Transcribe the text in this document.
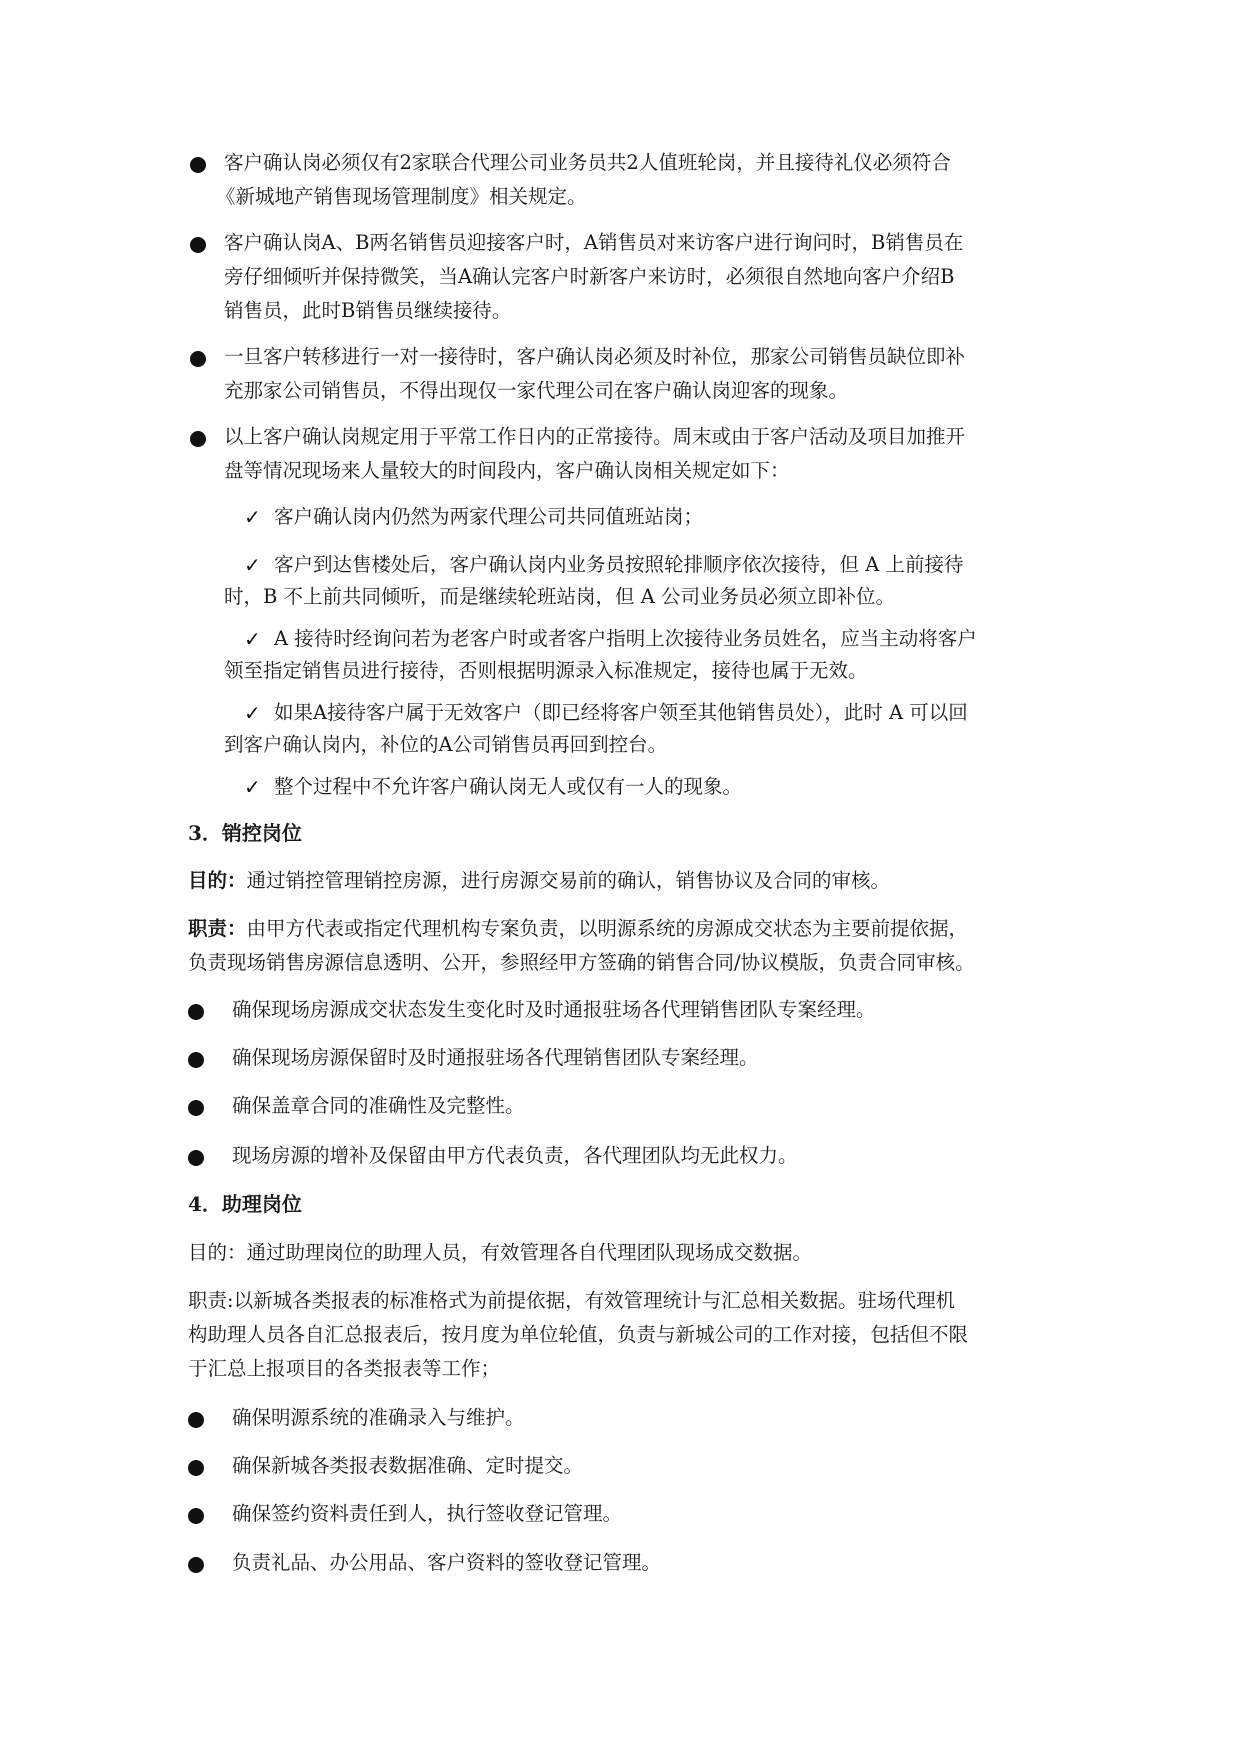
客户确认岗必须仅有2家联合代理公司业务员共2人值班轮岗，并且接待礼仪必须符合
《新城地产销售现场管理制度》相关规定。
客户确认岗A、B两名销售员迎接客户时，A销售员对来访客户进行询问时，B销售员在
旁仔细倾听并保持微笑，当A确认完客户时新客户来访时，必须很自然地向客户介绍B
销售员，此时B销售员继续接待。
一旦客户转移进行一对一接待时，客户确认岗必须及时补位，那家公司销售员缺位即补
充那家公司销售员，不得出现仅一家代理公司在客户确认岗迎客的现象。
以上客户确认岗规定用于平常工作日内的正常接待。周末或由于客户活动及项目加推开
盘等情况现场来人量较大的时间段内，客户确认岗相关规定如下：
✓ 客户确认岗内仍然为两家代理公司共同值班站岗；
✓ 客户到达售楼处后，客户确认岗内业务员按照轮排顺序依次接待，但 A 上前接待
时，B 不上前共同倾听，而是继续轮班站岗，但 A 公司业务员必须立即补位。
✓ A 接待时经询问若为老客户时或者客户指明上次接待业务员姓名，应当主动将客户
领至指定销售员进行接待，否则根据明源录入标准规定，接待也属于无效。
✓ 如果A接待客户属于无效客户（即已经将客户领至其他销售员处），此时 A 可以回
到客户确认岗内，补位的A公司销售员再回到控台。
✓ 整个过程中不允许客户确认岗无人或仅有一人的现象。
3．销控岗位
目的：通过销控管理销控房源，进行房源交易前的确认，销售协议及合同的审核。
职责：由甲方代表或指定代理机构专案负责，以明源系统的房源成交状态为主要前提依据，
负责现场销售房源信息透明、公开，参照经甲方签确的销售合同/协议模版，负责合同审核。
确保现场房源成交状态发生变化时及时通报驻场各代理销售团队专案经理。
确保现场房源保留时及时通报驻场各代理销售团队专案经理。
确保盖章合同的准确性及完整性。
现场房源的增补及保留由甲方代表负责，各代理团队均无此权力。
4．助理岗位
目的：通过助理岗位的助理人员，有效管理各自代理团队现场成交数据。
职责:以新城各类报表的标准格式为前提依据，有效管理统计与汇总相关数据。驻场代理机
构助理人员各自汇总报表后，按月度为单位轮值，负责与新城公司的工作对接，包括但不限
于汇总上报项目的各类报表等工作；
确保明源系统的准确录入与维护。
确保新城各类报表数据准确、定时提交。
确保签约资料责任到人，执行签收登记管理。
负责礼品、办公用品、客户资料的签收登记管理。
